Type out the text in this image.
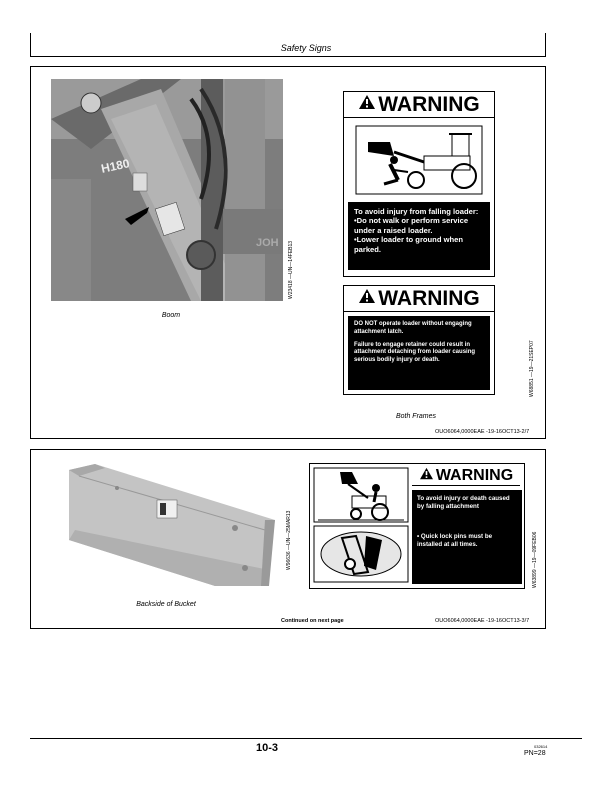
Safety Signs
H180
JOH W23418 —UN—14FEB13
Boom
WARNING
To avoid injury from falling loader:
•Do not walk or perform service under a raised loader.
•Lower loader to ground when parked.
WARNING
DO NOT operate loader without engaging attachment latch.
Failure to engage retainer could result in attachment detaching from loader causing serious bodily injury or death.	W68851 —19—21SEP07
Both Frames
OUO6064,0000EAE -19-16OCT13-2/7
W96636 —UN—25MAR13
Backside of Bucket
WARNING
To avoid injury or death caused by falling attachment
• Quick lock pins must be installed at all times.	W63899 —19—09FEB06
Continued on next page	OUO6064,0000EAE -19-16OCT13-3/7
10-3	032614
PN=28
